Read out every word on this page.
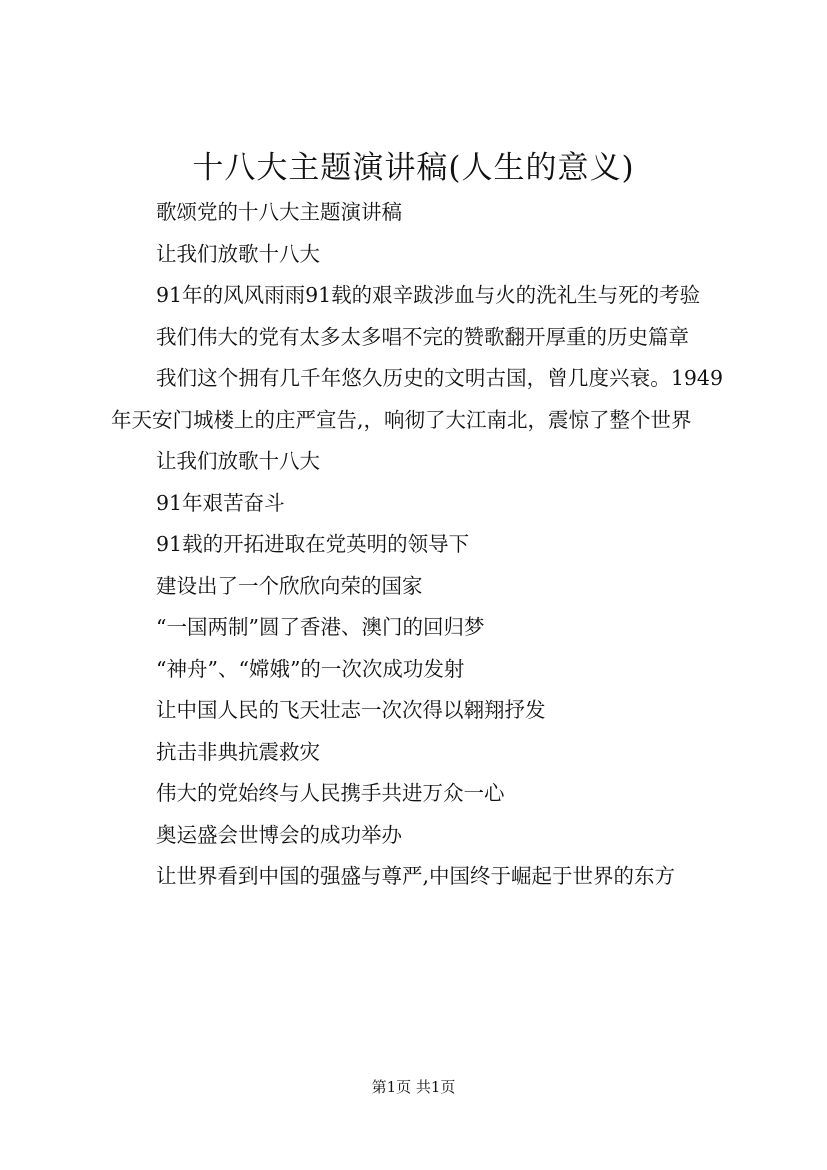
十八大主题演讲稿(人生的意义)

歌颂党的十八大主题演讲稿

让我们放歌十八大

91年的风风雨雨91载的艰辛跋涉血与火的洗礼生与死的考验

我们伟大的党有太多太多唱不完的赞歌翻开厚重的历史篇章

我们这个拥有几千年悠久历史的文明古国，曾几度兴衰。1949年天安门城楼上的庄严宣告,，响彻了大江南北，震惊了整个世界

让我们放歌十八大

91年艰苦奋斗

91载的开拓进取在党英明的领导下

建设出了一个欣欣向荣的国家

“一国两制”圆了香港、澳门的回归梦

“神舟”、“嫦娥”的一次次成功发射

让中国人民的飞天壮志一次次得以翱翔抒发

抗击非典抗震救灾

伟大的党始终与人民携手共进万众一心

奥运盛会世博会的成功举办

让世界看到中国的强盛与尊严,中国终于崛起于世界的东方

第1页 共1页
